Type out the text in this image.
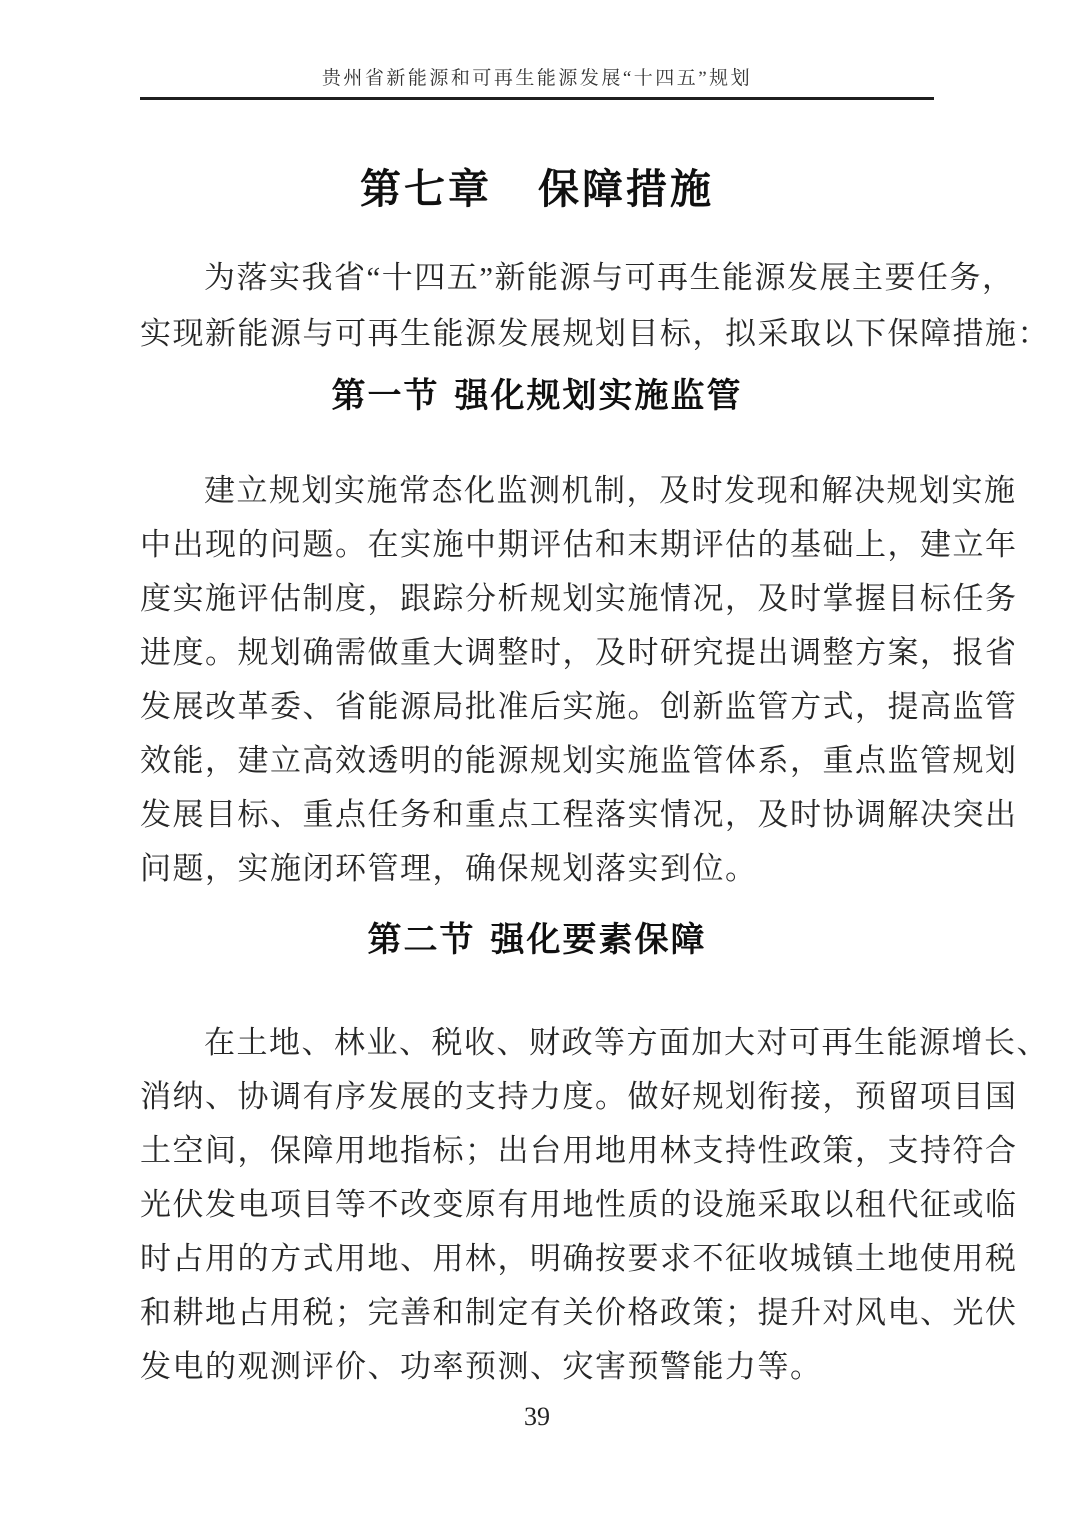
贵州省新能源和可再生能源发展“十四五”规划
第七章 保障措施
为落实我省“十四五”新能源与可再生能源发展主要任务，
实现新能源与可再生能源发展规划目标，拟采取以下保障措施：
第一节 强化规划实施监管
建立规划实施常态化监测机制，及时发现和解决规划实施
中出现的问题。在实施中期评估和末期评估的基础上，建立年
度实施评估制度，跟踪分析规划实施情况，及时掌握目标任务
进度。规划确需做重大调整时，及时研究提出调整方案，报省
发展改革委、省能源局批准后实施。创新监管方式，提高监管
效能，建立高效透明的能源规划实施监管体系，重点监管规划
发展目标、重点任务和重点工程落实情况，及时协调解决突出
问题，实施闭环管理，确保规划落实到位。
第二节 强化要素保障
在土地、林业、税收、财政等方面加大对可再生能源增长、
消纳、协调有序发展的支持力度。做好规划衔接，预留项目国
土空间，保障用地指标；出台用地用林支持性政策，支持符合
光伏发电项目等不改变原有用地性质的设施采取以租代征或临
时占用的方式用地、用林，明确按要求不征收城镇土地使用税
和耕地占用税；完善和制定有关价格政策；提升对风电、光伏
发电的观测评价、功率预测、灾害预警能力等。
39
